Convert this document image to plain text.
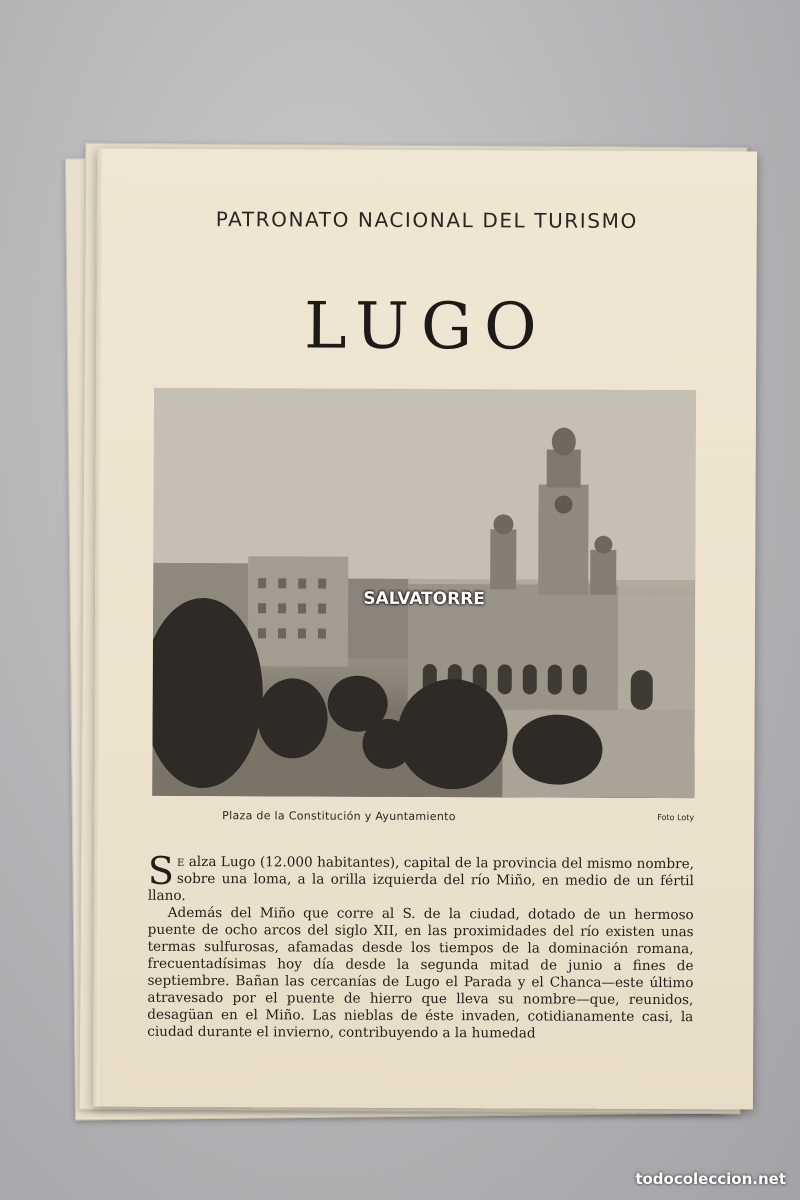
PATRONATO NACIONAL DEL TURISMO
LUGO
SALVATORRE
Plaza de la Constitución y Ayuntamiento	Foto Loty

Se alza Lugo (12.000 habitantes), capital de la provincia del mismo nombre, sobre una loma, a la orilla izquierda del río Miño, en medio de un fértil llano.

Además del Miño que corre al S. de la ciudad, dotado de un hermoso puente de ocho arcos del siglo XII, en las proximidades del río existen unas termas sulfurosas, afamadas desde los tiempos de la dominación romana, frecuentadísimas hoy día desde la segunda mitad de junio a fines de septiembre. Bañan las cercanías de Lugo el Parada y el Chanca—este último atravesado por el puente de hierro que lleva su nombre—que, reunidos, desagüan en el Miño. Las nieblas de éste invaden, cotidianamente casi, la ciudad durante el invierno, contribuyendo a la humedad

todocoleccion.net
